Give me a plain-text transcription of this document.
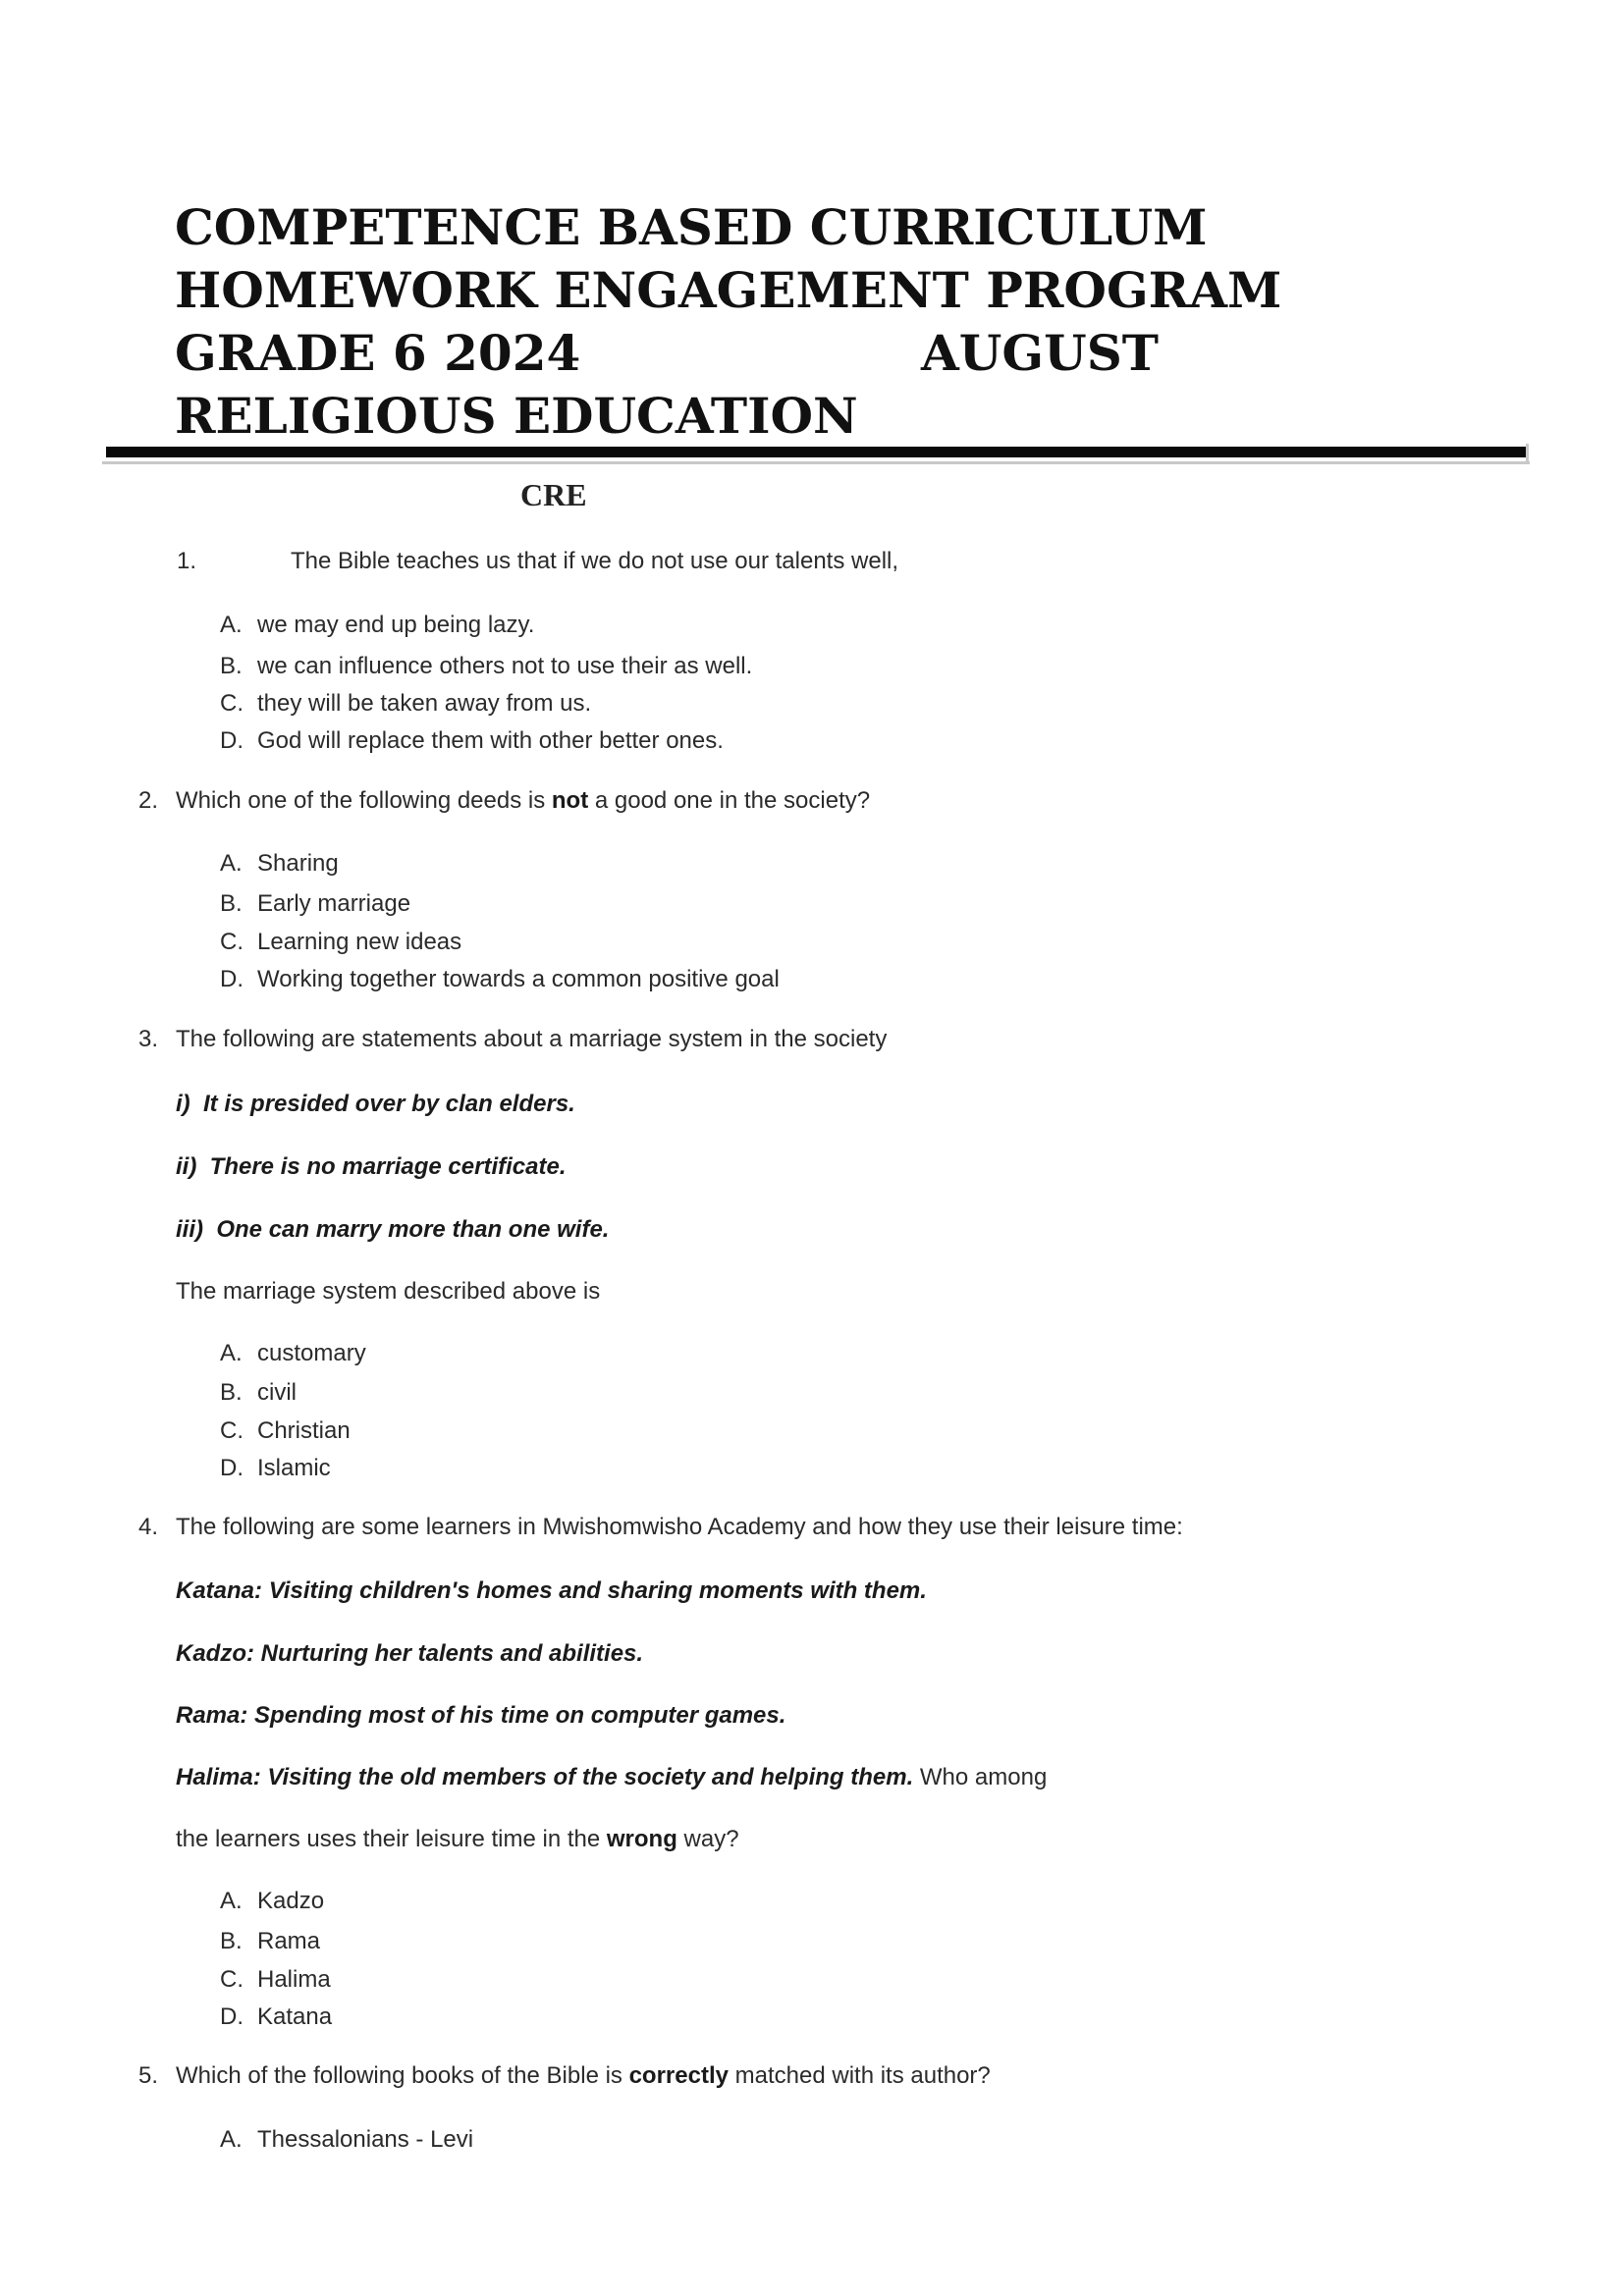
COMPETENCE BASED CURRICULUM
HOMEWORK ENGAGEMENT PROGRAM
GRADE 6 2024	AUGUST
RELIGIOUS EDUCATION
CRE
1.	The Bible teaches us that if we do not use our talents well,
A. we may end up being lazy.
B. we can influence others not to use their as well.
C. they will be taken away from us.
D. God will replace them with other better ones.
2. Which one of the following deeds is not a good one in the society?
A. Sharing
B. Early marriage
C. Learning new ideas
D. Working together towards a common positive goal
3. The following are statements about a marriage system in the society
i) It is presided over by clan elders.
ii) There is no marriage certificate.
iii) One can marry more than one wife.
The marriage system described above is
A. customary
B. civil
C. Christian
D. Islamic
4. The following are some learners in Mwishomwisho Academy and how they use their leisure time:
Katana: Visiting children's homes and sharing moments with them.
Kadzo: Nurturing her talents and abilities.
Rama: Spending most of his time on computer games.
Halima: Visiting the old members of the society and helping them. Who among
the learners uses their leisure time in the wrong way?
A. Kadzo
B. Rama
C. Halima
D. Katana
5. Which of the following books of the Bible is correctly matched with its author?
A. Thessalonians - Levi
